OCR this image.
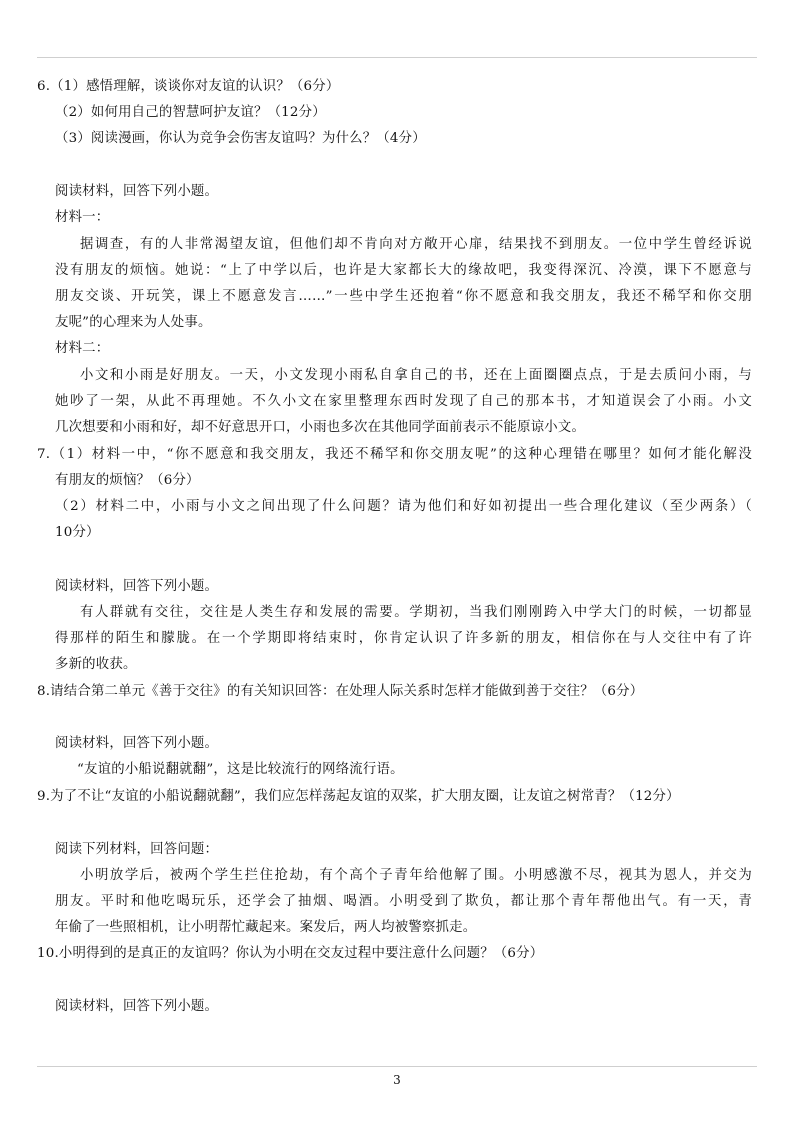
6.（1）感悟理解，谈谈你对友谊的认识？（6分）
（2）如何用自己的智慧呵护友谊？（12分）
（3）阅读漫画，你认为竞争会伤害友谊吗？为什么？（4分）
阅读材料，回答下列小题。
材料一：
据调查，有的人非常渴望友谊，但他们却不肯向对方敞开心扉，结果找不到朋友。一位中学生曾经诉说
没有朋友的烦恼。她说：“上了中学以后，也许是大家都长大的缘故吧，我变得深沉、冷漠，课下不愿意与
朋友交谈、开玩笑，课上不愿意发言……”一些中学生还抱着“你不愿意和我交朋友，我还不稀罕和你交朋
友呢”的心理来为人处事。
材料二：
小文和小雨是好朋友。一天，小文发现小雨私自拿自己的书，还在上面圈圈点点，于是去质问小雨，与
她吵了一架，从此不再理她。不久小文在家里整理东西时发现了自己的那本书，才知道误会了小雨。小文
几次想要和小雨和好，却不好意思开口，小雨也多次在其他同学面前表示不能原谅小文。
7.（1）材料一中，“你不愿意和我交朋友，我还不稀罕和你交朋友呢”的这种心理错在哪里？如何才能化解没
有朋友的烦恼？（6分）
（2）材料二中，小雨与小文之间出现了什么问题？请为他们和好如初提出一些合理化建议（至少两条）（
10分）
阅读材料，回答下列小题。
有人群就有交往，交往是人类生存和发展的需要。学期初，当我们刚刚跨入中学大门的时候，一切都显
得那样的陌生和朦胧。在一个学期即将结束时，你肯定认识了许多新的朋友，相信你在与人交往中有了许
多新的收获。
8.请结合第二单元《善于交往》的有关知识回答：在处理人际关系时怎样才能做到善于交往？（6分）
阅读材料，回答下列小题。
“友谊的小船说翻就翻”，这是比较流行的网络流行语。
9.为了不让“友谊的小船说翻就翻”，我们应怎样荡起友谊的双桨，扩大朋友圈，让友谊之树常青？（12分）
阅读下列材料，回答问题：
小明放学后，被两个学生拦住抢劫，有个高个子青年给他解了围。小明感激不尽，视其为恩人，并交为
朋友。平时和他吃喝玩乐，还学会了抽烟、喝酒。小明受到了欺负，都让那个青年帮他出气。有一天，青
年偷了一些照相机，让小明帮忙藏起来。案发后，两人均被警察抓走。
10.小明得到的是真正的友谊吗？你认为小明在交友过程中要注意什么问题？（6分）
阅读材料，回答下列小题。
3
